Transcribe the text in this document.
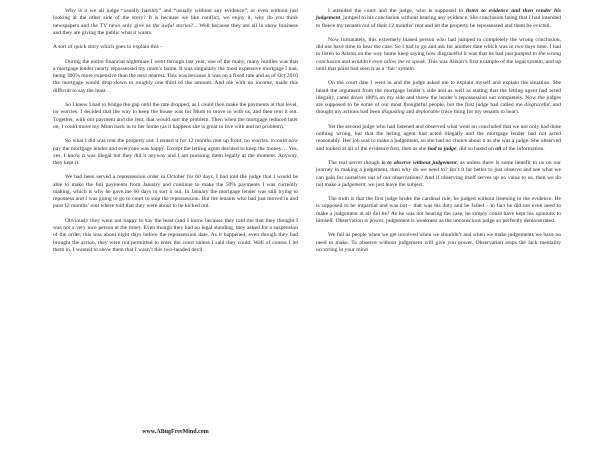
Why is it we all judge “usually harshly” and “usually without any evidence”, or even without just looking at the other side of the story? It is because we like conflict, we enjoy it, why do you think newspapers and the TV news only give us the awful stories?... Well because they are all in show business and they are giving the public what it wants.

A sort of quick story which goes to explain this -

During the entire financial nightmare I went through last year, one of the many, many hurdles was that a mortgage lender nearly repossessed my mum’s home. It was singularly the most expensive mortgage I had, being 300% more expensive than the next nearest. This was because it was on a fixed rate and as of Oct 2010 the mortgage would drop down to roughly one third of the amount. And me with no income, made this difficult to say the least.

So I knew I had to bridge the gap until the rate dropped, as I could then make the payments at that level, no worries. I decided that the way to keep the house was for Mum to move in with us, and then rent it out. Together, with our payment and the rent, that would sort the problem. Then when the mortgage reduced later on, I could move my Mum back in to her home (as it happens she is great to live with and no problem).

So what I did was rent the property out. I rented it for 12 months rent up front, no worries. I could now pay the mortgage lender and everyone was happy. Except the letting agent decided to keep the money… Yes, yes, I know it was illegal but they did it anyway and I am pursuing them legally at the moment. Anyway, they kept it.

We had been served a repossession order in October for 60 days. I had told the judge that I would be able to make the full payments from January and continue to make the 50% payments I was currently making, which is why he gave me 60 days to sort it out. In January the mortgage lender was still trying to repossess and I was going to go to court to stop the repossession. But the tenants who had just moved in and paid 12 months’ rent where told that they were about to be kicked out.

Obviously they were not happy to say the least (and I know because they told me that they thought I was not a very nice person at the time). Even though they had no legal standing, they asked for a suspension of the order, this was about eight days before the repossession date. As it happened, even though they had brought the action, they were not permitted to enter the court unless I said they could. Well of course I let them in, I wanted to show them that I wasn’t this two-headed devil.

I attended the court and the judge, who is supposed to listen to evidence and then render his judgement, jumped to his conclusion without hearing any evidence. His conclusion being that I had intended to fleece my tenants out of their 12 months’ rent and let the property be repossessed and them be evicted.

Now fortunately, this extremely biased person who had jumped to completely the wrong conclusion, did not have time to hear the case. So I had to go and ask for another date which was in two days time. I had to listen to Alison on the way home keep saying how disgraceful it was that he had just jumped to the wrong conclusion and wouldn’t even allow me to speak. This was Alison’s first example of the legal system, and up until that point had seen it as a ‘fair’ system.

On the court date I went in and the judge asked me to explain myself and explain the situation. She heard the argument from the mortgage lender’s side and as well as stating that the letting agent had acted illegally, came down 100% on my side and threw the lender’s repossession out completely. Now the judges are supposed to be some of our most thoughtful people, but the first judge had called me disgraceful, and thought my actions had been disgusting and deplorable (nice thing for my tenants to hear).

Yet the second judge who had listened and observed what went on concluded that we not only had done nothing wrong, but that the letting agent had acted illegally and the mortgage lender had not acted reasonably. Her job was to make a judgement, so she had no choice about it as she was a judge. She observed and looked at all of the evidence first, then as she had to judge, did so based on all of the information.

The real secret though is to observe without judgement, as unless there is some benefit to us on our journey in making a judgement, then why do we need to? Isn’t it far better to just observe and see what we can gain for ourselves out of our observations? And if observing itself serves up no value to us, then we do not make a judgement, we just leave the subject.

The truth is that the first judge broke the cardinal rule, he judged without listening to the evidence. He is supposed to be impartial and was not – that was his duty and he failed – in fact he did not even need to make a judgement at all did he? As he was not hearing the case, he simply could have kept his opinions to himself. Observation is power, judgement is weakness as the unconscious judge so perfectly demonstrated.

We fail as people when we get involved when we shouldn’t and when we make judgements we have no need to make. To observe without judgement will give you power. Observation stops the lack mentality occurring in your mind

www.ABugFreeMind.com
